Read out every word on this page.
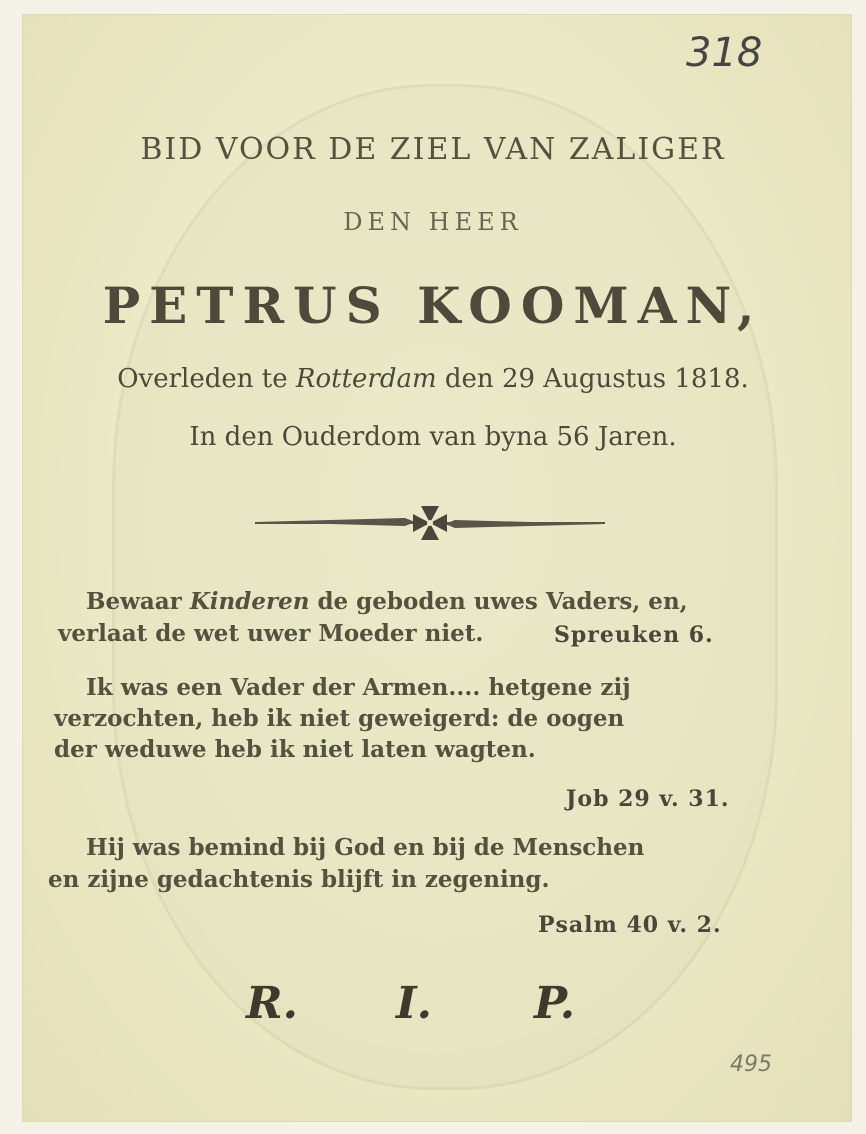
318
BID VOOR DE ZIEL VAN ZALIGER
DEN HEER
PETRUS KOOMAN,
Overleden te Rotterdam den 29 Augustus 1818.
In den Ouderdom van byna 56 Jaren.
Bewaar Kinderen de geboden uwes Vaders, en,
verlaat de wet uwer Moeder niet.	Spreuken 6.
Ik was een Vader der Armen.... hetgene zij
verzochten, heb ik niet geweigerd: de oogen
der weduwe heb ik niet laten wagten.
Job 29 v. 31.
Hij was bemind bij God en bij de Menschen
en zijne gedachtenis blijft in zegening.
Psalm 40 v. 2.
R. I. P.
495
